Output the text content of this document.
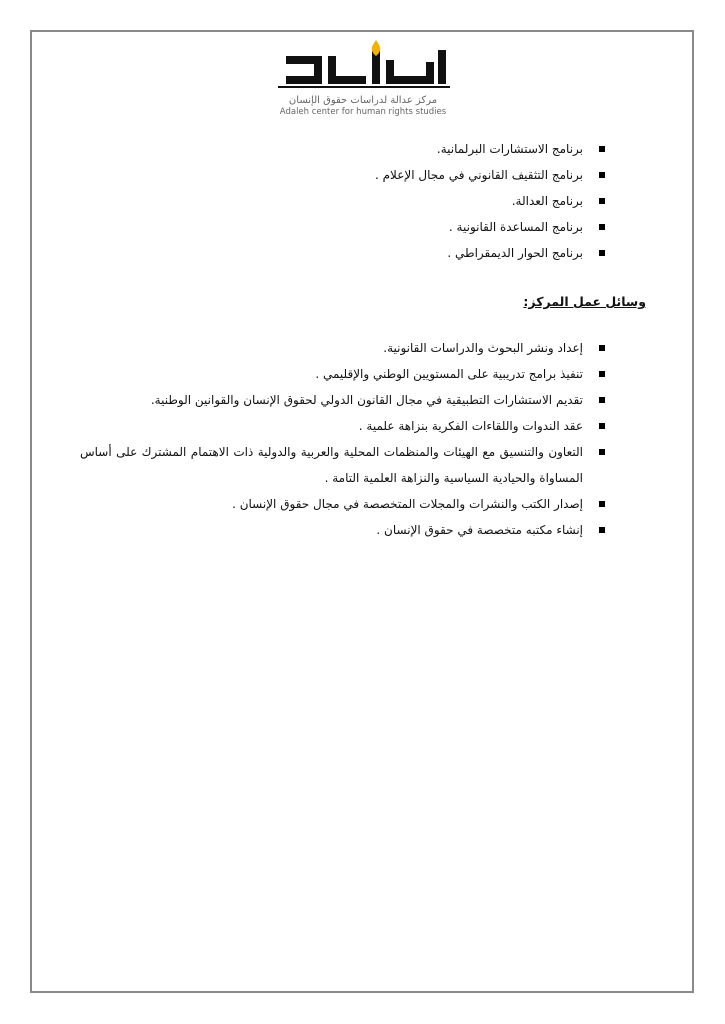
مركز عدالة لدراسات حقوق الإنسان
Adaleh center for human rights studies
برنامج الاستشارات البرلمانية.
برنامج التثقيف القانوني في مجال الإعلام .
برنامج العدالة.
برنامج المساعدة القانونية .
برنامج الحوار الديمقراطي .
وسائل عمل المركز:
إعداد ونشر البحوث والدراسات القانونية.
تنفيذ برامج تدريبية على المستويين الوطني والإقليمي .
تقديم الاستشارات التطبيقية في مجال القانون الدولي لحقوق الإنسان والقوانين الوطنية.
عقد الندوات واللقاءات الفكرية بنزاهة علمية .
التعاون والتنسيق مع الهيئات والمنظمات المحلية والعربية والدولية ذات الاهتمام المشترك على أساس المساواة والحيادية السياسية والنزاهة العلمية التامة .
إصدار الكتب والنشرات والمجلات المتخصصة في مجال حقوق الإنسان .
إنشاء مكتبه متخصصة في حقوق الإنسان .
